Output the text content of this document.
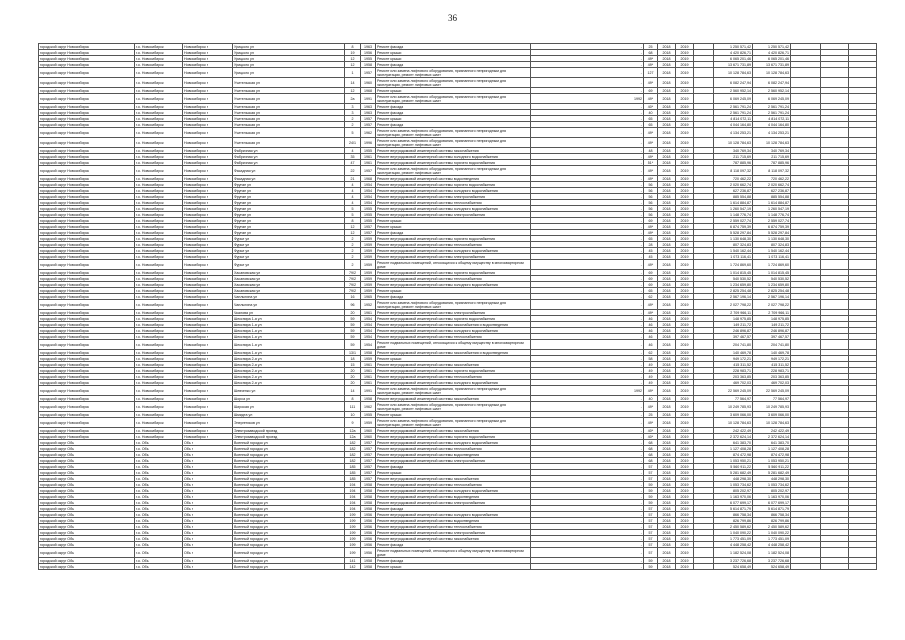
36
городской округ Новосибирск	г.о. Новосибирск	Новосибирск г	Урицкого ул	8	1963	Ремонт фасада	-	25	2018	2019		1 250 571,42	1 250 571,42			
городской округ Новосибирск	г.о. Новосибирск	Новосибирск г	Урицкого ул	19	1956	Ремонт крыши	-	68	2018	2019		4 420 826,71	4 420 826,71			
городской округ Новосибирск	г.о. Новосибирск	Новосибирск г	Урицкого ул	12	1955	Ремонт крыши	-	49*	2018	2019		6 065 201,46	6 065 201,46			
городской округ Новосибирск	г.о. Новосибирск	Новосибирск г	Урицкого ул	12	1958	Ремонт фасада	-	49*	2018	2019		13 671 731,89	13 671 731,89			
городской округ Новосибирск	г.о. Новосибирск	Новосибирск г	Урицкого ул	1	1957	Ремонт или замена лифтового оборудования, признанного непригодным для эксплуатации, ремонт лифтовых шахт	-	127	2018	2019		10 128 784,63	10 128 784,63			
городской округ Новосибирск	г.о. Новосибирск	Новосибирск г	Учительская ул	14	1960	Ремонт или замена лифтового оборудования, признанного непригодным для эксплуатации, ремонт лифтовых шахт	-	49*	2018	2019		6 082 247,94	6 082 247,94			
городской округ Новосибирск	г.о. Новосибирск	Новосибирск г	Учительская ул	12	1968	Ремонт крыши	-	69	2018	2019		2 560 952,14	2 560 952,14			
городской округ Новосибирск	г.о. Новосибирск	Новосибирск г	Учительская ул	2а	1991	Ремонт или замена лифтового оборудования, признанного непригодным для эксплуатации, ремонт лифтовых шахт	1992	49*	2018	2019		6 069 245,09	6 069 245,09			
городской округ Новосибирск	г.о. Новосибирск	Новосибирск г	Учительская ул	3	1963	Ремонт фасада	-	40*	2018	2019		2 561 791,24	2 561 791,24			
городской округ Новосибирск	г.о. Новосибирск	Новосибирск г	Учительская ул	3	1963	Ремонт фасада	-	40	2018	2019		2 561 791,24	2 561 791,24			
городской округ Новосибирск	г.о. Новосибирск	Новосибирск г	Учительская ул	2	1957	Ремонт крыши	-	65	2018	2019		4 814 072,11	4 814 072,11			
городской округ Новосибирск	г.о. Новосибирск	Новосибирск г	Учительская ул	2	1957	Ремонт фасада	-	65	2018	2019		4 044 164,80	4 044 164,80			
городской округ Новосибирск	г.о. Новосибирск	Новосибирск г	Учительская ул	5	1962	Ремонт или замена лифтового оборудования, признанного непригодным для эксплуатации, ремонт лифтовых шахт	-	49*	2018	2019		4 134 253,21	4 134 253,21			
городской округ Новосибирск	г.о. Новосибирск	Новосибирск г	Учительская ул	24/1	1996	Ремонт или замена лифтового оборудования, признанного непригодным для эксплуатации, ремонт лифтовых шахт	-	49*	2018	2019		10 128 784,63	10 128 784,63			
городской округ Новосибирск	г.о. Новосибирск	Новосибирск г	Фабричная ул	4	1955	Ремонт внутридомовой инженерной системы газоснабжения	-	48	2018	2019		340 769,34	340 769,34			
городской округ Новосибирск	г.о. Новосибирск	Новосибирск г	Фабричная ул	35	1961	Ремонт внутридомовой инженерной системы холодного водоснабжения	-	49*	2018	2019		211 715,69	211 715,69			
городской округ Новосибирск	г.о. Новосибирск	Новосибирск г	Фабричная ул	47	1961	Ремонт внутридомовой инженерной системы горячего водоснабжения	-	51*	2018	2019		787 885,96	787 885,96			
городской округ Новосибирск	г.о. Новосибирск	Новосибирск г	Фасадная ул	22	1957	Ремонт или замена лифтового оборудования, признанного непригодным для эксплуатации, ремонт лифтовых шахт	-	49*	2018	2019		8 118 097,32	8 118 097,32			
городской округ Новосибирск	г.о. Новосибирск	Новосибирск г	Фасадная ул	21	1968	Ремонт внутридомовой инженерной системы водоотведения	-	49*	2018	2019		720 462,22	720 462,22			
городской округ Новосибирск	г.о. Новосибирск	Новосибирск г	Фрунзе ул	4	1954	Ремонт внутридомовой инженерной системы горячего водоснабжения	-	56	2018	2019		2 020 662,74	2 020 662,74			
городской округ Новосибирск	г.о. Новосибирск	Новосибирск г	Фрунзе ул	4	1954	Ремонт внутридомовой инженерной системы холодного водоснабжения	-	56	2018	2019		627 236,87	627 236,87			
городской округ Новосибирск	г.о. Новосибирск	Новосибирск г	Фрунзе ул	4	1954	Ремонт внутридомовой инженерной системы электроснабжения	-	56	2018	2019		885 554,88	885 554,88			
городской округ Новосибирск	г.о. Новосибирск	Новосибирск г	Фрунзе ул	4	1954	Ремонт внутридомовой инженерной системы теплоснабжения	-	56	2018	2019		1 614 884,87	1 614 884,87			
городской округ Новосибирск	г.о. Новосибирск	Новосибирск г	Фрунзе ул	5	1955	Ремонт внутридомовой инженерной системы холодного водоснабжения	-	56	2018	2019		1 260 547,19	1 260 547,19			
городской округ Новосибирск	г.о. Новосибирск	Новосибирск г	Фрунзе ул	5	1955	Ремонт внутридомовой инженерной системы электроснабжения	-	56	2018	2019		1 148 776,74	1 148 776,74			
городской округ Новосибирск	г.о. Новосибирск	Новосибирск г	Фрунзе ул	8	1955	Ремонт крыши	-	69	2018	2019		2 559 027,74	2 559 027,74			
городской округ Новосибирск	г.о. Новосибирск	Новосибирск г	Фрунзе ул	12	1957	Ремонт крыши	-	49*	2018	2019		6 874 759,39	6 874 759,39			
городской округ Новосибирск	г.о. Новосибирск	Новосибирск г	Фрунзе ул	12	1957	Ремонт фасада	-	49*	2018	2019		5 528 297,84	5 528 297,84			
городской округ Новосибирск	г.о. Новосибирск	Новосибирск г	Фурье ул	2	1959	Ремонт внутридомовой инженерной системы горячего водоснабжения	-	65	2018	2019		1 130 648,30	1 130 648,30			
городской округ Новосибирск	г.о. Новосибирск	Новосибирск г	Фурье ул	2	1959	Ремонт внутридомовой инженерной системы теплоснабжения	-	28	2018	2019		807 324,83	807 324,83			
городской округ Новосибирск	г.о. Новосибирск	Новосибирск г	Фурье ул	2	1959	Ремонт внутридомовой инженерной системы холодного водоснабжения	-	45	2018	2019		1 540 162,44	1 540 162,44			
городской округ Новосибирск	г.о. Новосибирск	Новосибирск г	Фурье ул	2	1959	Ремонт внутридомовой инженерной системы электроснабжения	-	45	2018	2019		1 073 116,41	1 073 116,41			
городской округ Новосибирск	г.о. Новосибирск	Новосибирск г	Фурье ул	2	1959	Ремонт подвальных помещений, относящихся к общему имуществу в многоквартирном доме	-	49*	2018	2019		1 724 869,60	1 724 869,60			
городской округ Новосибирск	г.о. Новосибирск	Новосибирск г	Хасановская ул	79/2	1959	Ремонт внутридомовой инженерной системы горячего водоснабжения	-	69	2018	2019		1 014 815,45	1 014 815,45			
городской округ Новосибирск	г.о. Новосибирск	Новосибирск г	Хасановская ул	79/2	1959	Ремонт внутридомовой инженерной системы теплоснабжения	-	69	2018	2019		540 530,52	540 530,52			
городской округ Новосибирск	г.о. Новосибирск	Новосибирск г	Хасановская ул	79/2	1959	Ремонт внутридомовой инженерной системы холодного водоснабжения	-	69	2018	2019		1 234 659,80	1 234 659,80			
городской округ Новосибирск	г.о. Новосибирск	Новосибирск г	Хасановская ул	79/2	1959	Ремонт крыши	-	65	2018	2019		2 825 254,48	2 825 254,48			
городской округ Новосибирск	г.о. Новосибирск	Новосибирск г	Чаплыгина ул	16	1965	Ремонт фасада	-	62	2018	2019		2 567 196,14	2 567 196,14			
городской округ Новосибирск	г.о. Новосибирск	Новосибирск г	Чаплыгина ул	96	1952	Ремонт или замена лифтового оборудования, признанного непригодным для эксплуатации, ремонт лифтовых шахт	-	49*	2018	2019		2 027 798,22	2 027 798,22			
городской округ Новосибирск	г.о. Новосибирск	Новосибирск г	Чкалова ул	20	1961	Ремонт внутридомовой инженерной системы электроснабжения	-	49*	2018	2019		2 709 966,11	2 709 966,11			
городской округ Новосибирск	г.о. Новосибирск	Новосибирск г	Шекспира 1-я ул	59	1954	Ремонт внутридомовой инженерной системы горячего водоснабжения	-	46	2018	2019		148 975,85	148 975,85			
городской округ Новосибирск	г.о. Новосибирск	Новосибирск г	Шекспира 1-я ул	59	1954	Ремонт внутридомовой инженерной системы газоснабжения и водоотведения	-	46	2018	2019		149 211,72	149 211,72			
городской округ Новосибирск	г.о. Новосибирск	Новосибирск г	Шекспира 1-я ул	59	1954	Ремонт внутридомовой инженерной системы холодного водоснабжения	-	46	2018	2019		246 896,87	246 896,87			
городской округ Новосибирск	г.о. Новосибирск	Новосибирск г	Шекспира 1-я ул	59	1954	Ремонт внутридомовой инженерной системы теплоснабжения	-	46	2018	2019		397 467,57	397 467,57			
городской округ Новосибирск	г.о. Новосибирск	Новосибирск г	Шекспира 1-я ул	59	1954	Ремонт подвальных помещений, относящихся к общему имуществу в многоквартирном доме	-	46	2018	2019		204 741,80	204 741,80			
городской округ Новосибирск	г.о. Новосибирск	Новосибирск г	Шекспира 1-я ул	13/1	1958	Ремонт внутридомовой инженерной системы газоснабжения и водоотведения	-	62	2018	2019		140 469,78	140 469,78			
городской округ Новосибирск	г.о. Новосибирск	Новосибирск г	Шекспира 2-я ул	18	1959	Ремонт крыши	-	58	2018	2019		949 172,21	949 172,21			
городской округ Новосибирск	г.о. Новосибирск	Новосибирск г	Шекспира 2-я ул	15	1961	Ремонт внутридомовой инженерной системы газоснабжения	-	49	2018	2019		415 311,52	415 311,52			
городской округ Новосибирск	г.о. Новосибирск	Новосибирск г	Шекспира 2-я ул	20	1961	Ремонт внутридомовой инженерной системы горячего водоснабжения	-	49	2018	2019		228 983,71	228 983,71			
городской округ Новосибирск	г.о. Новосибирск	Новосибирск г	Шекспира 2-я ул	20	1961	Ремонт внутридомовой инженерной системы теплоснабжения	-	49	2018	2019		203 363,85	203 363,85			
городской округ Новосибирск	г.о. Новосибирск	Новосибирск г	Шекспира 2-я ул	20	1961	Ремонт внутридомовой инженерной системы холодного водоснабжения	-	49	2018	2019		469 702,03	469 702,03			
городской округ Новосибирск	г.о. Новосибирск	Новосибирск г	Шевченко ул	14	1991	Ремонт или замена лифтового оборудования, признанного непригодным для эксплуатации, ремонт лифтовых шахт	1992	49*	2018	2019		22 569 245,09	22 569 245,09			
городской округ Новосибирск	г.о. Новосибирск	Новосибирск г	Шорса ул	8	1958	Ремонт внутридомовой инженерной системы газоснабжения	-	40	2018	2019		77 564,97	77 564,97			
городской округ Новосибирск	г.о. Новосибирск	Новосибирск г	Широкая ул	111	1962	Ремонт или замена лифтового оборудования, признанного непригодным для эксплуатации, ремонт лифтовых шахт	-	49*	2018	2019		10 249 785,93	10 249 785,93			
городской округ Новосибирск	г.о. Новосибирск	Новосибирск г	Шмидта ул	10	1955	Ремонт крыши	-	25	2018	2019		3 609 066,00	3 609 066,00			
городской округ Новосибирск	г.о. Новосибирск	Новосибирск г	Энергетиков ул	9	1959	Ремонт или замена лифтового оборудования, признанного непригодным для эксплуатации, ремонт лифтовых шахт	-	49*	2018	2019		10 128 784,63	10 128 784,63			
городской округ Новосибирск	г.о. Новосибирск	Новосибирск г	Электрозаводской проезд	12а	1960	Ремонт внутридомовой инженерной системы газоснабжения	-	40*	2018	2019		242 422,49	242 422,49			
городской округ Новосибирск	г.о. Новосибирск	Новосибирск г	Электрозаводской проезд	12а	1960	Ремонт внутридомовой инженерной системы горячего водоснабжения	-	40*	2018	2019		2 372 624,14	2 372 624,14			
городской округ Обь	г.о. Обь	Обь г	Военный городок ул	182	1957	Ремонт внутридомовой инженерной системы холодного водоснабжения	-	68	2018	2019		641 383,70	641 383,70			
городской округ Обь	г.о. Обь	Обь г	Военный городок ул	182	1957	Ремонт внутридомовой инженерной системы теплоснабжения	-	68	2018	2019		1 127 408,28	1 127 408,28			
городской округ Обь	г.о. Обь	Обь г	Военный городок ул	182	1957	Ремонт внутридомовой инженерной системы водоотведения	-	68	2018	2019		874 472,98	874 472,98			
городской округ Обь	г.о. Обь	Обь г	Военный городок ул	182	1957	Ремонт внутридомовой инженерной системы электроснабжения	-	68	2018	2019		1 053 950,21	1 053 950,21			
городской округ Обь	г.о. Обь	Обь г	Военный городок ул	185	1957	Ремонт фасада	-	57	2018	2019		5 560 911,22	5 560 911,22			
городской округ Обь	г.о. Обь	Обь г	Военный городок ул	185	1957	Ремонт крыши	-	57	2018	2019		5 281 682,49	5 281 682,49			
городской округ Обь	г.о. Обь	Обь г	Военный городок ул	185	1957	Ремонт внутридомовой инженерной системы газоснабжения	-	57	2018	2019		448 298,30	448 298,30			
городской округ Обь	г.о. Обь	Обь г	Военный городок ул	194	1958	Ремонт внутридомовой инженерной системы теплоснабжения	-	59	2018	2019		1 053 734,62	1 053 734,62			
городской округ Обь	г.о. Обь	Обь г	Военный городок ул	194	1958	Ремонт внутридомовой инженерной системы холодного водоснабжения	-	59	2018	2019		805 202,97	805 202,97			
городской округ Обь	г.о. Обь	Обь г	Военный городок ул	194	1958	Ремонт внутридомовой инженерной системы водоотведения	-	59	2018	2019		1 163 970,06	1 163 970,06			
городской округ Обь	г.о. Обь	Обь г	Военный городок ул	194	1958	Ремонт внутридомовой инженерной системы электроснабжения	-	59	2018	2019		6 077 699,17	6 077 699,17			
городской округ Обь	г.о. Обь	Обь г	Военный городок ул	194	1958	Ремонт фасада	-	57	2018	2019		5 614 871,79	5 614 871,79			
городской округ Обь	г.о. Обь	Обь г	Военный городок ул	199	1956	Ремонт внутридомовой инженерной системы холодного водоснабжения	-	57	2018	2019		866 758,34	866 758,34			
городской округ Обь	г.о. Обь	Обь г	Военный городок ул	199	1956	Ремонт внутридомовой инженерной системы водоотведения	-	57	2018	2019		826 799,86	826 799,86			
городской округ Обь	г.о. Обь	Обь г	Военный городок ул	199	1956	Ремонт внутридомовой инженерной системы теплоснабжения	-	57	2018	2019		2 450 589,62	2 450 589,62			
городской округ Обь	г.о. Обь	Обь г	Военный городок ул	199	1956	Ремонт внутридомовой инженерной системы электроснабжения	-	57	2018	2019		1 040 090,22	1 040 090,22			
городской округ Обь	г.о. Обь	Обь г	Военный городок ул	199	1956	Ремонт внутридомовой инженерной системы газоснабжения	-	57	2018	2019		1 773 451,09	1 773 451,09			
городской округ Обь	г.о. Обь	Обь г	Военный городок ул	199	1956	Ремонт фасада	-	57	2018	2019		4 448 258,42	4 448 258,42			
городской округ Обь	г.о. Обь	Обь г	Военный городок ул	199	1956	Ремонт подвальных помещений, относящихся к общему имуществу в многоквартирном доме	-	57	2018	2019		1 182 524,08	1 182 524,08			
городской округ Обь	г.о. Обь	Обь г	Военный городок ул	141	1958	Ремонт фасада	-	59	2018	2019		3 237 726,68	3 237 726,68			
городской округ Обь	г.о. Обь	Обь г	Военный городок ул	142	1958	Ремонт крыши	-	59	2018	2019		524 658,49	524 658,49			
